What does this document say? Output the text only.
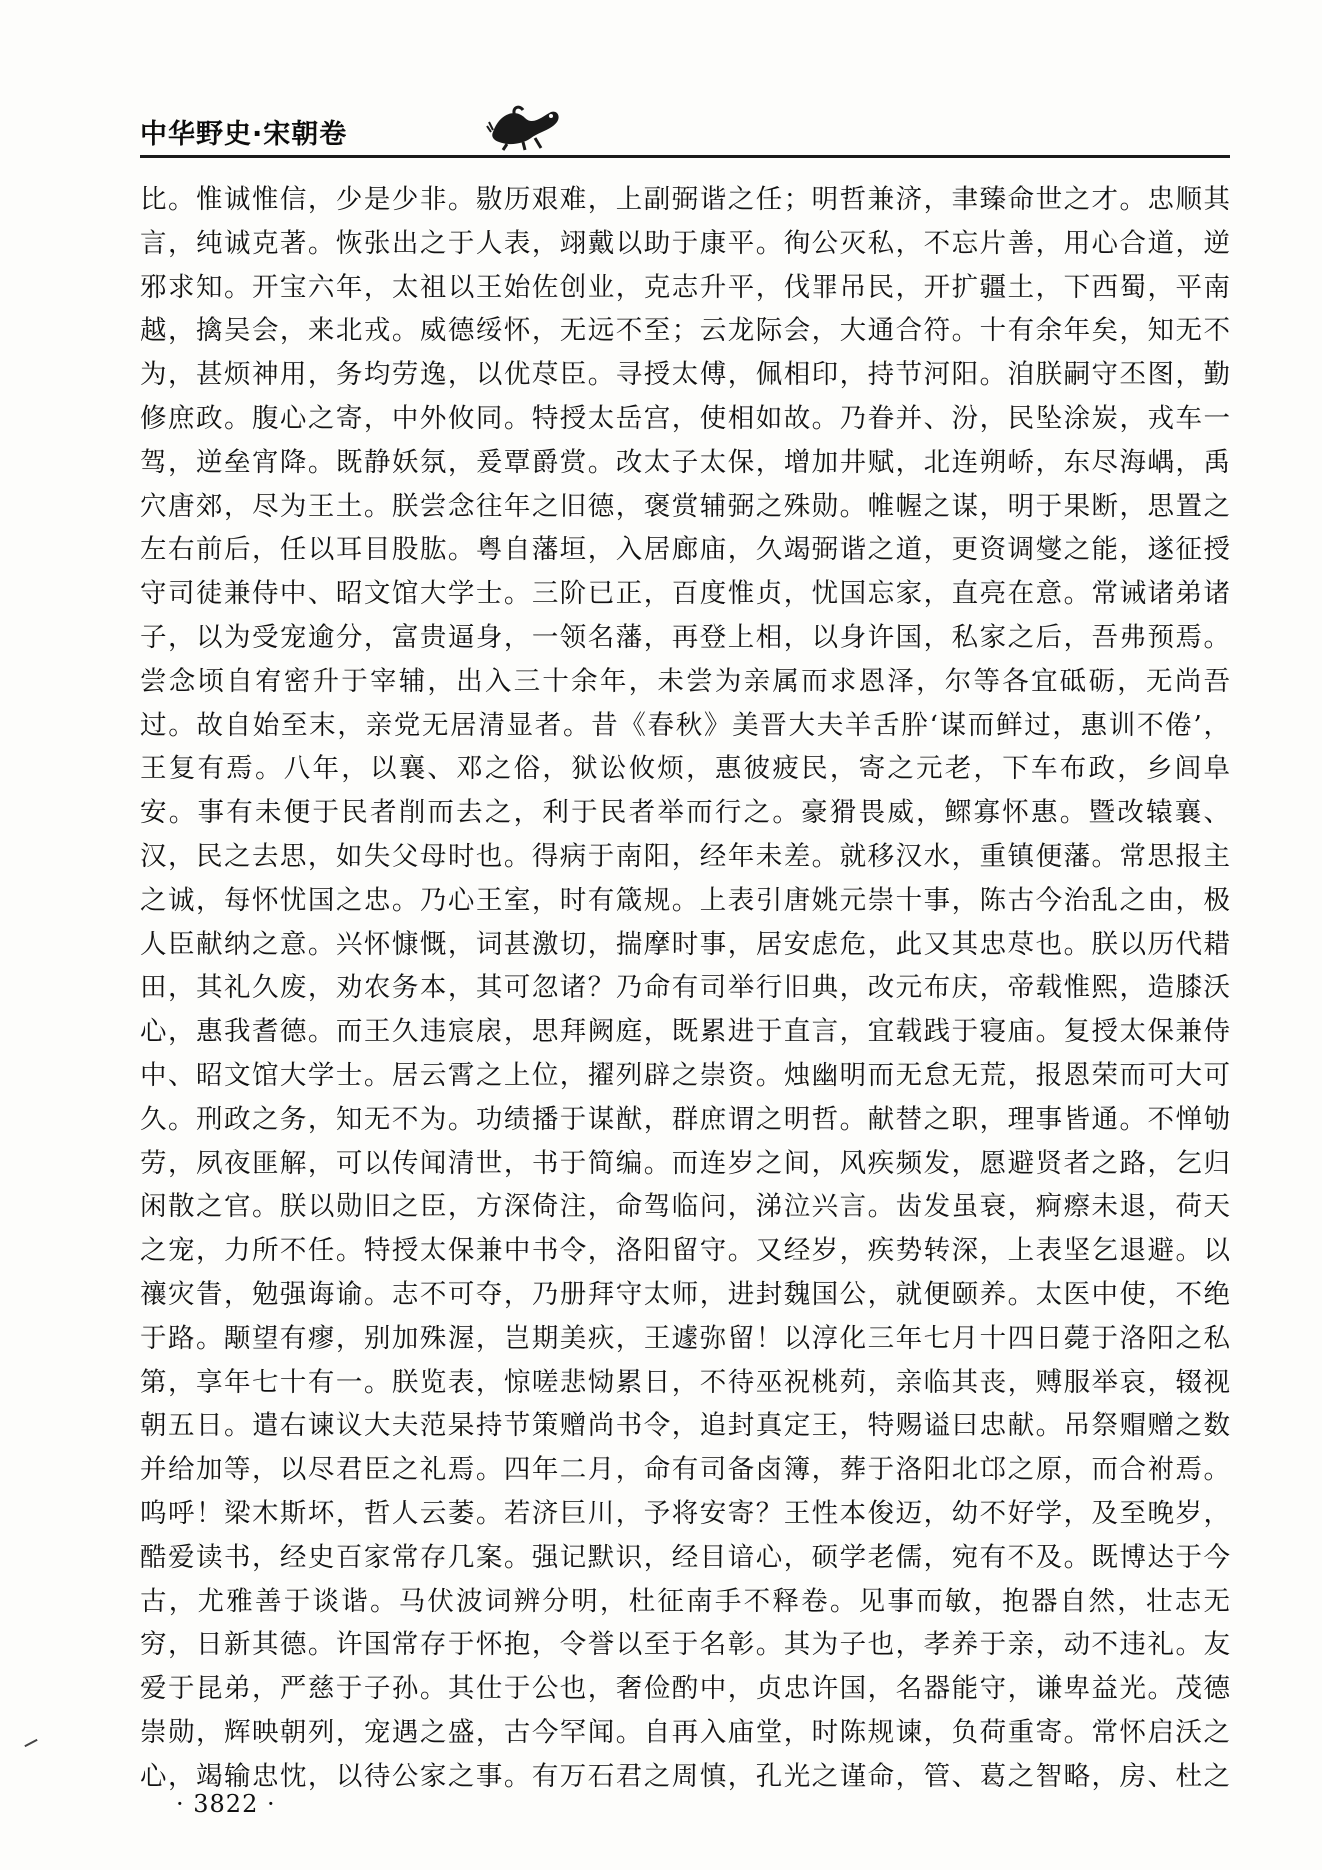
中华野史·宋朝卷
比。惟诚惟信，少是少非。敭历艰难，上副弼谐之任；明哲兼济，聿臻命世之才。忠顺其
言，纯诚克著。恢张出之于人表，翊戴以助于康平。徇公灭私，不忘片善，用心合道，逆
邪求知。开宝六年，太祖以王始佐创业，克志升平，伐罪吊民，开扩疆土，下西蜀，平南
越，擒吴会，来北戎。威德绥怀，无远不至；云龙际会，大通合符。十有余年矣，知无不
为，甚烦神用，务均劳逸，以优荩臣。寻授太傅，佩相印，持节河阳。洎朕嗣守丕图，勤
修庶政。腹心之寄，中外攸同。特授太岳宫，使相如故。乃眷并、汾，民坠涂炭，戎车一
驾，逆垒宵降。既静妖氛，爰覃爵赏。改太子太保，增加井赋，北连朔峤，东尽海嵎，禹
穴唐郊，尽为王土。朕尝念往年之旧德，褒赏辅弼之殊勋。帷幄之谋，明于果断，思置之
左右前后，任以耳目股肱。粤自藩垣，入居廊庙，久竭弼谐之道，更资调燮之能，遂征授
守司徒兼侍中、昭文馆大学士。三阶已正，百度惟贞，忧国忘家，直亮在意。常诫诸弟诸
子，以为受宠逾分，富贵逼身，一领名藩，再登上相，以身许国，私家之后，吾弗预焉。
尝念顷自宥密升于宰辅，出入三十余年，未尝为亲属而求恩泽，尔等各宜砥砺，无尚吾
过。故自始至末，亲党无居清显者。昔《春秋》美晋大夫羊舌肸‘谋而鲜过，惠训不倦’，
王复有焉。八年，以襄、邓之俗，狱讼攸烦，惠彼疲民，寄之元老，下车布政，乡闾阜
安。事有未便于民者削而去之，利于民者举而行之。豪猾畏威，鳏寡怀惠。暨改辕襄、
汉，民之去思，如失父母时也。得病于南阳，经年未差。就移汉水，重镇便藩。常思报主
之诚，每怀忧国之忠。乃心王室，时有箴规。上表引唐姚元崇十事，陈古今治乱之由，极
人臣献纳之意。兴怀慷慨，词甚激切，揣摩时事，居安虑危，此又其忠荩也。朕以历代耤
田，其礼久废，劝农务本，其可忽诸？乃命有司举行旧典，改元布庆，帝载惟熙，造膝沃
心，惠我耆德。而王久违宸扆，思拜阙庭，既累进于直言，宜载践于寝庙。复授太保兼侍
中、昭文馆大学士。居云霄之上位，擢列辟之崇资。烛幽明而无怠无荒，报恩荣而可大可
久。刑政之务，知无不为。功绩播于谋猷，群庶谓之明哲。献替之职，理事皆通。不惮劬
劳，夙夜匪解，可以传闻清世，书于简编。而连岁之间，风疾频发，愿避贤者之路，乞归
闲散之官。朕以勋旧之臣，方深倚注，命驾临问，涕泣兴言。齿发虽衰，痾瘵未退，荷天
之宠，力所不任。特授太保兼中书令，洛阳留守。又经岁，疾势转深，上表坚乞退避。以
禳灾眚，勉强诲谕。志不可夺，乃册拜守太师，进封魏国公，就便颐养。太医中使，不绝
于路。颙望有瘳，别加殊渥，岂期美疢，王遽弥留！以淳化三年七月十四日薨于洛阳之私
第，享年七十有一。朕览表，惊嗟悲恸累日，不待巫祝桃茢，亲临其丧，赙服举哀，辍视
朝五日。遣右谏议大夫范杲持节策赠尚书令，追封真定王，特赐谥曰忠献。吊祭赗赠之数
并给加等，以尽君臣之礼焉。四年二月，命有司备卤簿，葬于洛阳北邙之原，而合祔焉。
呜呼！梁木斯坏，哲人云萎。若济巨川，予将安寄？王性本俊迈，幼不好学，及至晚岁，
酷爱读书，经史百家常存几案。强记默识，经目谙心，硕学老儒，宛有不及。既博达于今
古，尤雅善于谈谐。马伏波词辨分明，杜征南手不释卷。见事而敏，抱器自然，壮志无
穷，日新其德。许国常存于怀抱，令誉以至于名彰。其为子也，孝养于亲，动不违礼。友
爱于昆弟，严慈于子孙。其仕于公也，奢俭酌中，贞忠许国，名器能守，谦卑益光。茂德
崇勋，辉映朝列，宠遇之盛，古今罕闻。自再入庙堂，时陈规谏，负荷重寄。常怀启沃之
心，竭输忠忱，以待公家之事。有万石君之周慎，孔光之谨命，管、葛之智略，房、杜之
· 3822 ·
